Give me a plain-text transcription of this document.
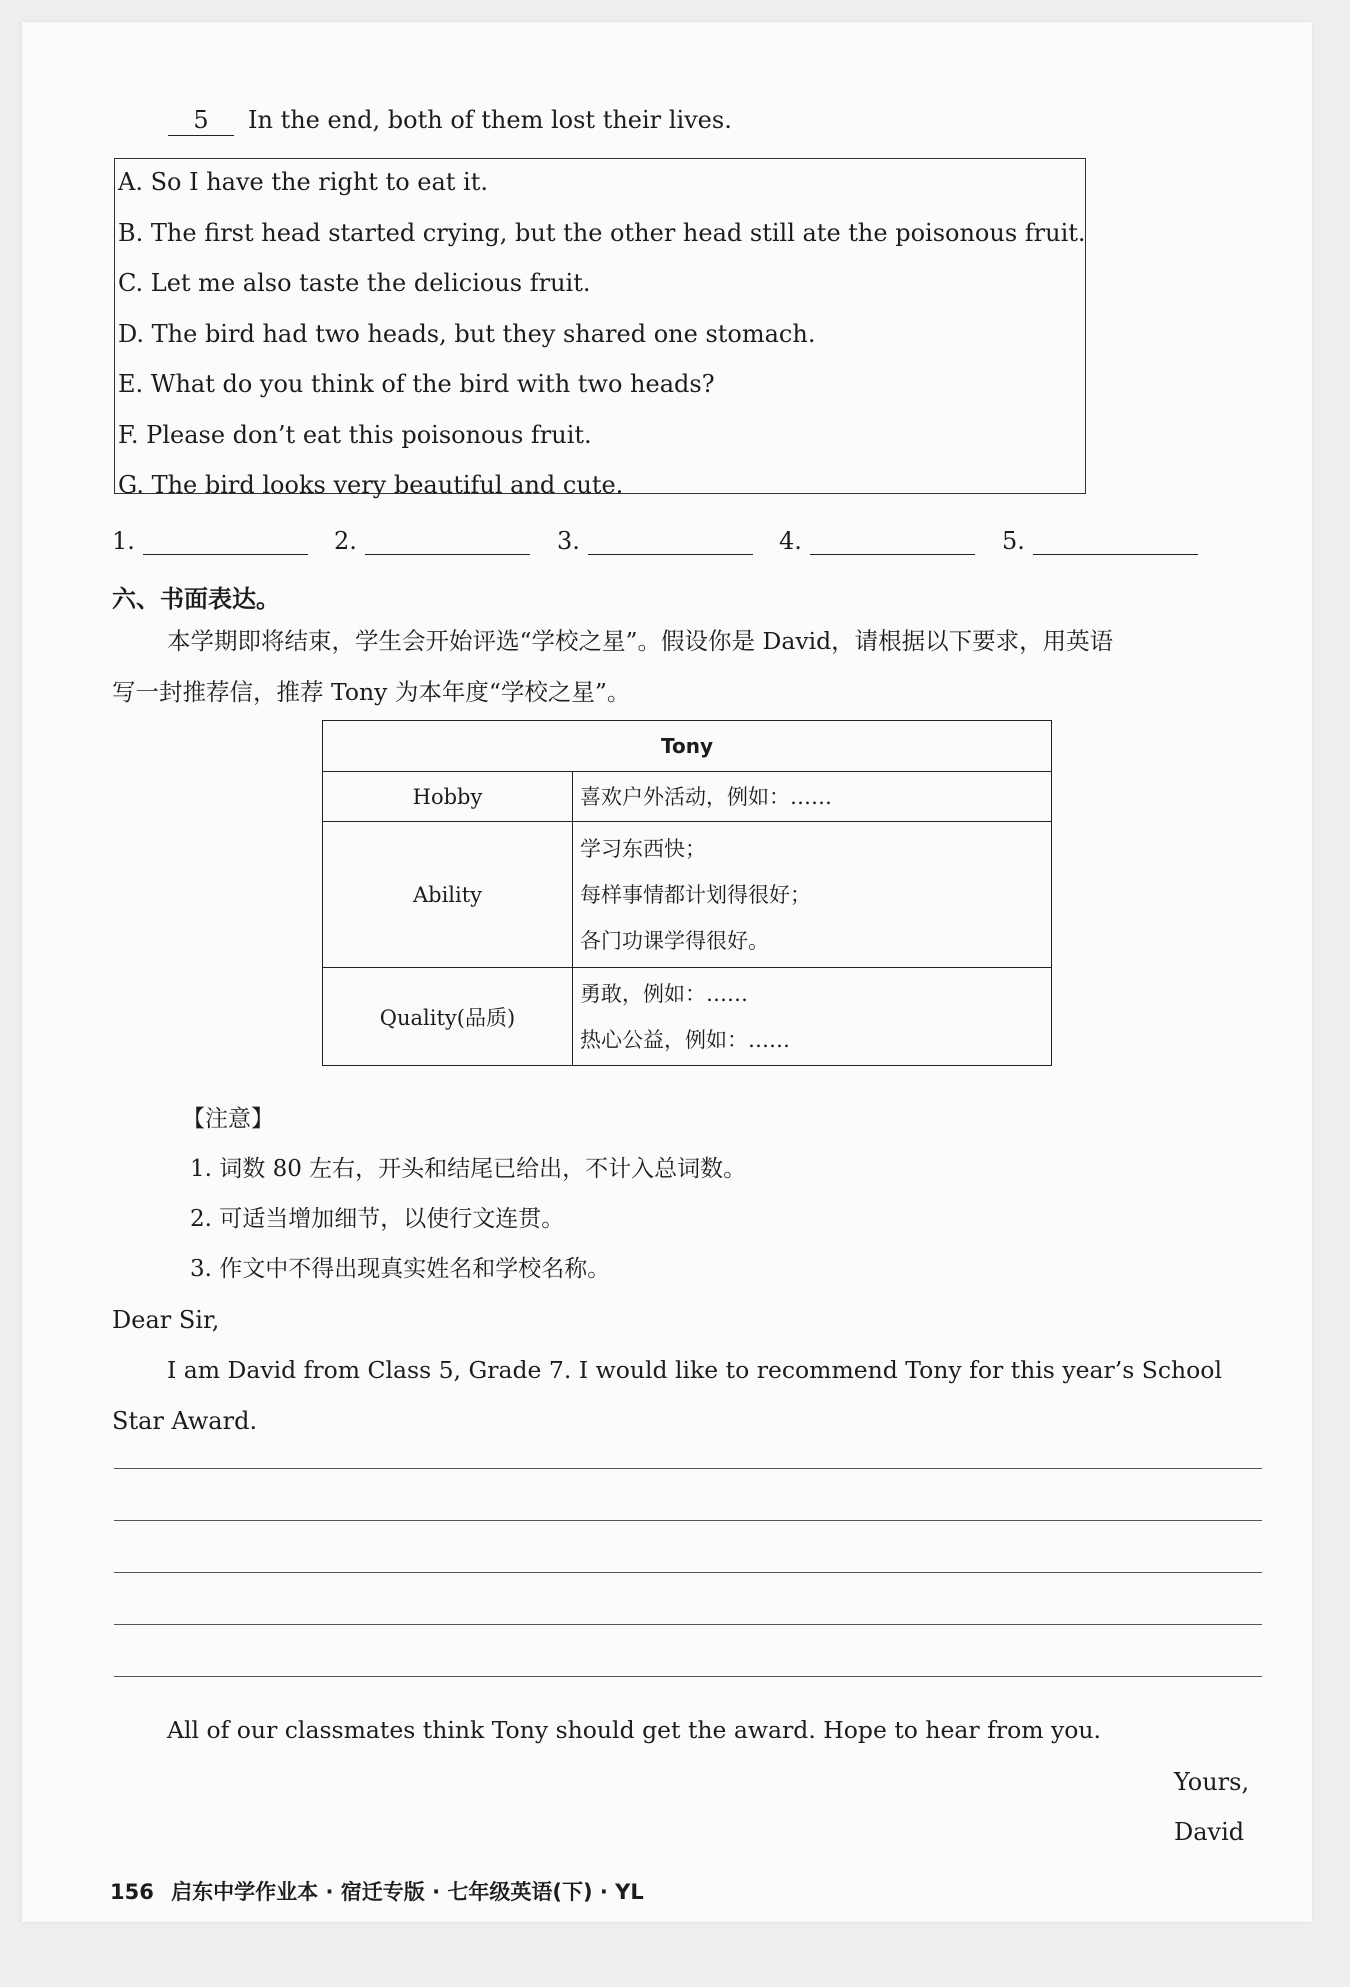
5 In the end, both of them lost their lives.
A. So I have the right to eat it.
B. The first head started crying, but the other head still ate the poisonous fruit.
C. Let me also taste the delicious fruit.
D. The bird had two heads, but they shared one stomach.
E. What do you think of the bird with two heads?
F. Please don’t eat this poisonous fruit.
G. The bird looks very beautiful and cute.
1.	2.	3.	4.	5.
六、书面表达。
本学期即将结束，学生会开始评选“学校之星”。假设你是 David，请根据以下要求，用英语
写一封推荐信，推荐 Tony 为本年度“学校之星”。
Tony	
Hobby	喜欢户外活动，例如：……

Ability	学习东西快；
每样事情都计划得很好；
各门功课学得很好。

Quality(品质)	勇敢，例如：……
热心公益，例如：……
【注意】
1. 词数 80 左右，开头和结尾已给出，不计入总词数。
2. 可适当增加细节，以使行文连贯。
3. 作文中不得出现真实姓名和学校名称。
Dear Sir,
I am David from Class 5, Grade 7. I would like to recommend Tony for this year’s School
Star Award.
All of our classmates think Tony should get the award. Hope to hear from you.
Yours,
David
156 启东中学作业本 · 宿迁专版 · 七年级英语(下) · YL
